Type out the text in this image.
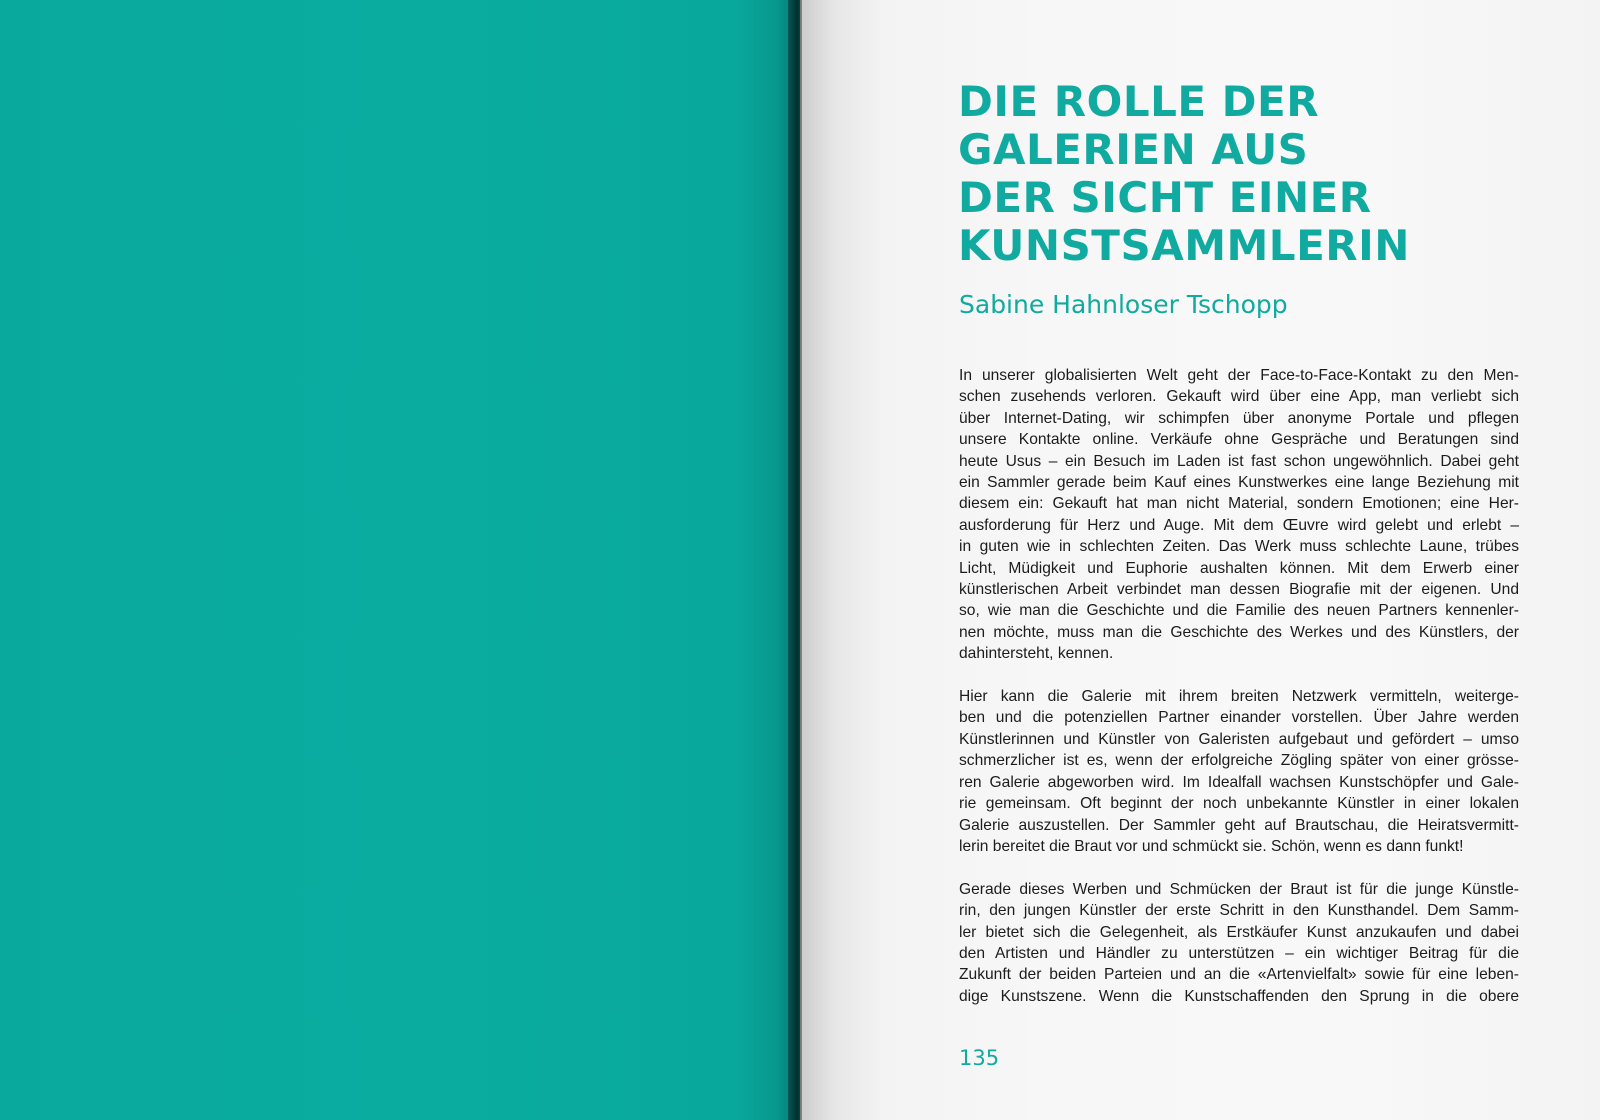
DIE ROLLE DER
GALERIEN AUS
DER SICHT EINER
KUNSTSAMMLERIN

Sabine Hahnloser Tschopp

In unserer globalisierten Welt geht der Face-to-Face-Kontakt zu den Men-
schen zusehends verloren. Gekauft wird über eine App, man verliebt sich
über Internet-Dating, wir schimpfen über anonyme Portale und pflegen
unsere Kontakte online. Verkäufe ohne Gespräche und Beratungen sind
heute Usus – ein Besuch im Laden ist fast schon ungewöhnlich. Dabei geht
ein Sammler gerade beim Kauf eines Kunstwerkes eine lange Beziehung mit
diesem ein: Gekauft hat man nicht Material, sondern Emotionen; eine Her-
ausforderung für Herz und Auge. Mit dem Œuvre wird gelebt und erlebt –
in guten wie in schlechten Zeiten. Das Werk muss schlechte Laune, trübes
Licht, Müdigkeit und Euphorie aushalten können. Mit dem Erwerb einer
künstlerischen Arbeit verbindet man dessen Biografie mit der eigenen. Und
so, wie man die Geschichte und die Familie des neuen Partners kennenler-
nen möchte, muss man die Geschichte des Werkes und des Künstlers, der
dahintersteht, kennen.

Hier kann die Galerie mit ihrem breiten Netzwerk vermitteln, weiterge-
ben und die potenziellen Partner einander vorstellen. Über Jahre werden
Künstlerinnen und Künstler von Galeristen aufgebaut und gefördert – umso
schmerzlicher ist es, wenn der erfolgreiche Zögling später von einer grösse-
ren Galerie abgeworben wird. Im Idealfall wachsen Kunstschöpfer und Gale-
rie gemeinsam. Oft beginnt der noch unbekannte Künstler in einer lokalen
Galerie auszustellen. Der Sammler geht auf Brautschau, die Heiratsvermitt-
lerin bereitet die Braut vor und schmückt sie. Schön, wenn es dann funkt!

Gerade dieses Werben und Schmücken der Braut ist für die junge Künstle-
rin, den jungen Künstler der erste Schritt in den Kunsthandel. Dem Samm-
ler bietet sich die Gelegenheit, als Erstkäufer Kunst anzukaufen und dabei
den Artisten und Händler zu unterstützen – ein wichtiger Beitrag für die
Zukunft der beiden Parteien und an die «Artenvielfalt» sowie für eine leben-
dige Kunstszene. Wenn die Kunstschaffenden den Sprung in die obere

135
